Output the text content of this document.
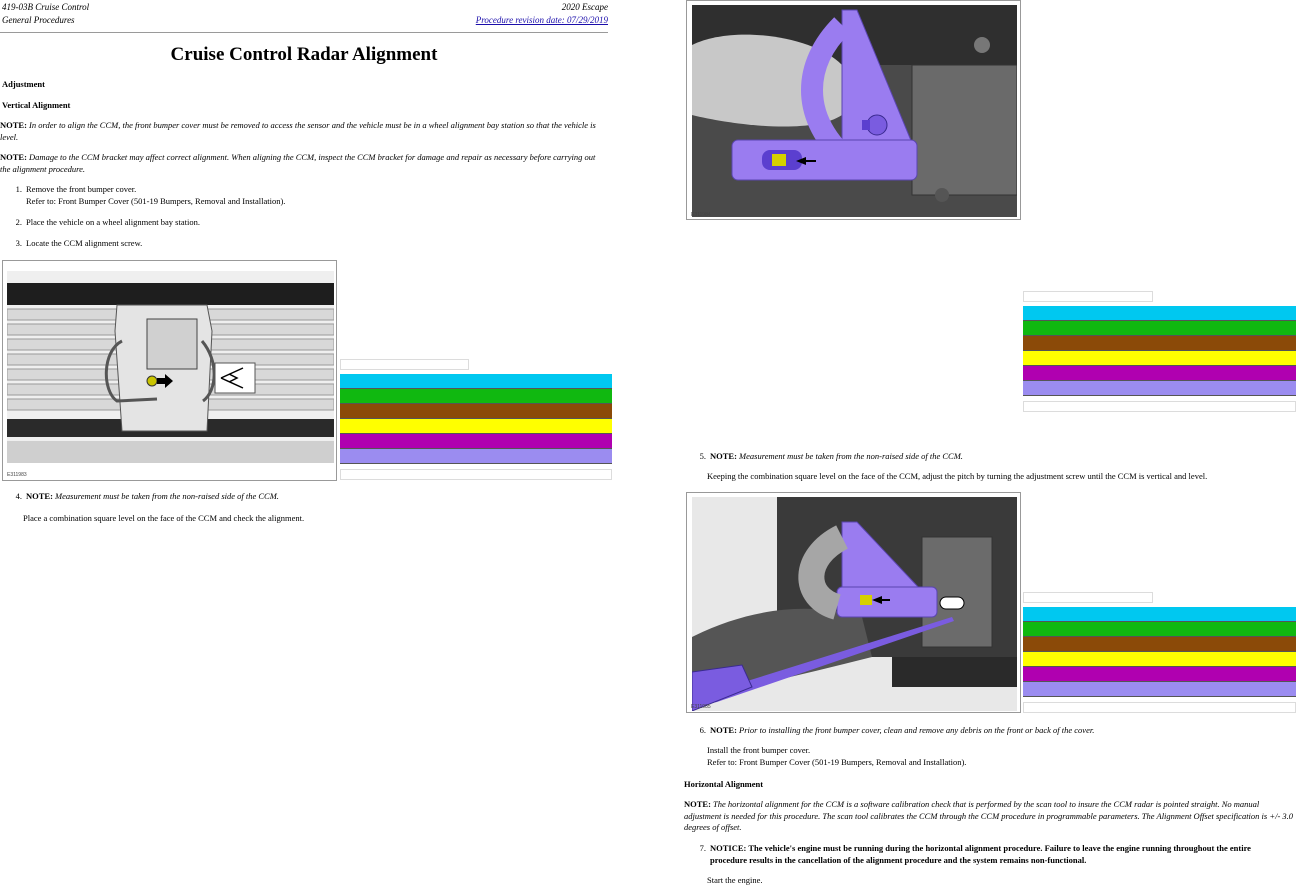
419-03B Cruise Control
General Procedures
2020 Escape
Procedure revision date: 07/29/2019
Cruise Control Radar Alignment
Adjustment
Vertical Alignment
NOTE: In order to align the CCM, the front bumper cover must be removed to access the sensor and the vehicle must be in a wheel alignment bay station so that the vehicle is level.
NOTE: Damage to the CCM bracket may affect correct alignment. When aligning the CCM, inspect the CCM bracket for damage and repair as necessary before carrying out the alignment procedure.
1. Remove the front bumper cover.
Refer to: Front Bumper Cover (501-19 Bumpers, Removal and Installation).
2. Place the vehicle on a wheel alignment bay station.
3. Locate the CCM alignment screw.
E311983
4. NOTE: Measurement must be taken from the non-raised side of the CCM.
Place a combination square level on the face of the CCM and check the alignment.
E311984
5. NOTE: Measurement must be taken from the non-raised side of the CCM.
Keeping the combination square level on the face of the CCM, adjust the pitch by turning the adjustment screw until the CCM is vertical and level.
E311985
6. NOTE: Prior to installing the front bumper cover, clean and remove any debris on the front or back of the cover.
Install the front bumper cover.
Refer to: Front Bumper Cover (501-19 Bumpers, Removal and Installation).
Horizontal Alignment
NOTE: The horizontal alignment for the CCM is a software calibration check that is performed by the scan tool to insure the CCM radar is pointed straight. No manual adjustment is needed for this procedure. The scan tool calibrates the CCM through the CCM procedure in programmable parameters. The Alignment Offset specification is +/- 3.0 degrees of offset.
7. NOTICE: The vehicle's engine must be running during the horizontal alignment procedure. Failure to leave the engine running throughout the entire
procedure results in the cancellation of the alignment procedure and the system remains non-functional.
Start the engine.
